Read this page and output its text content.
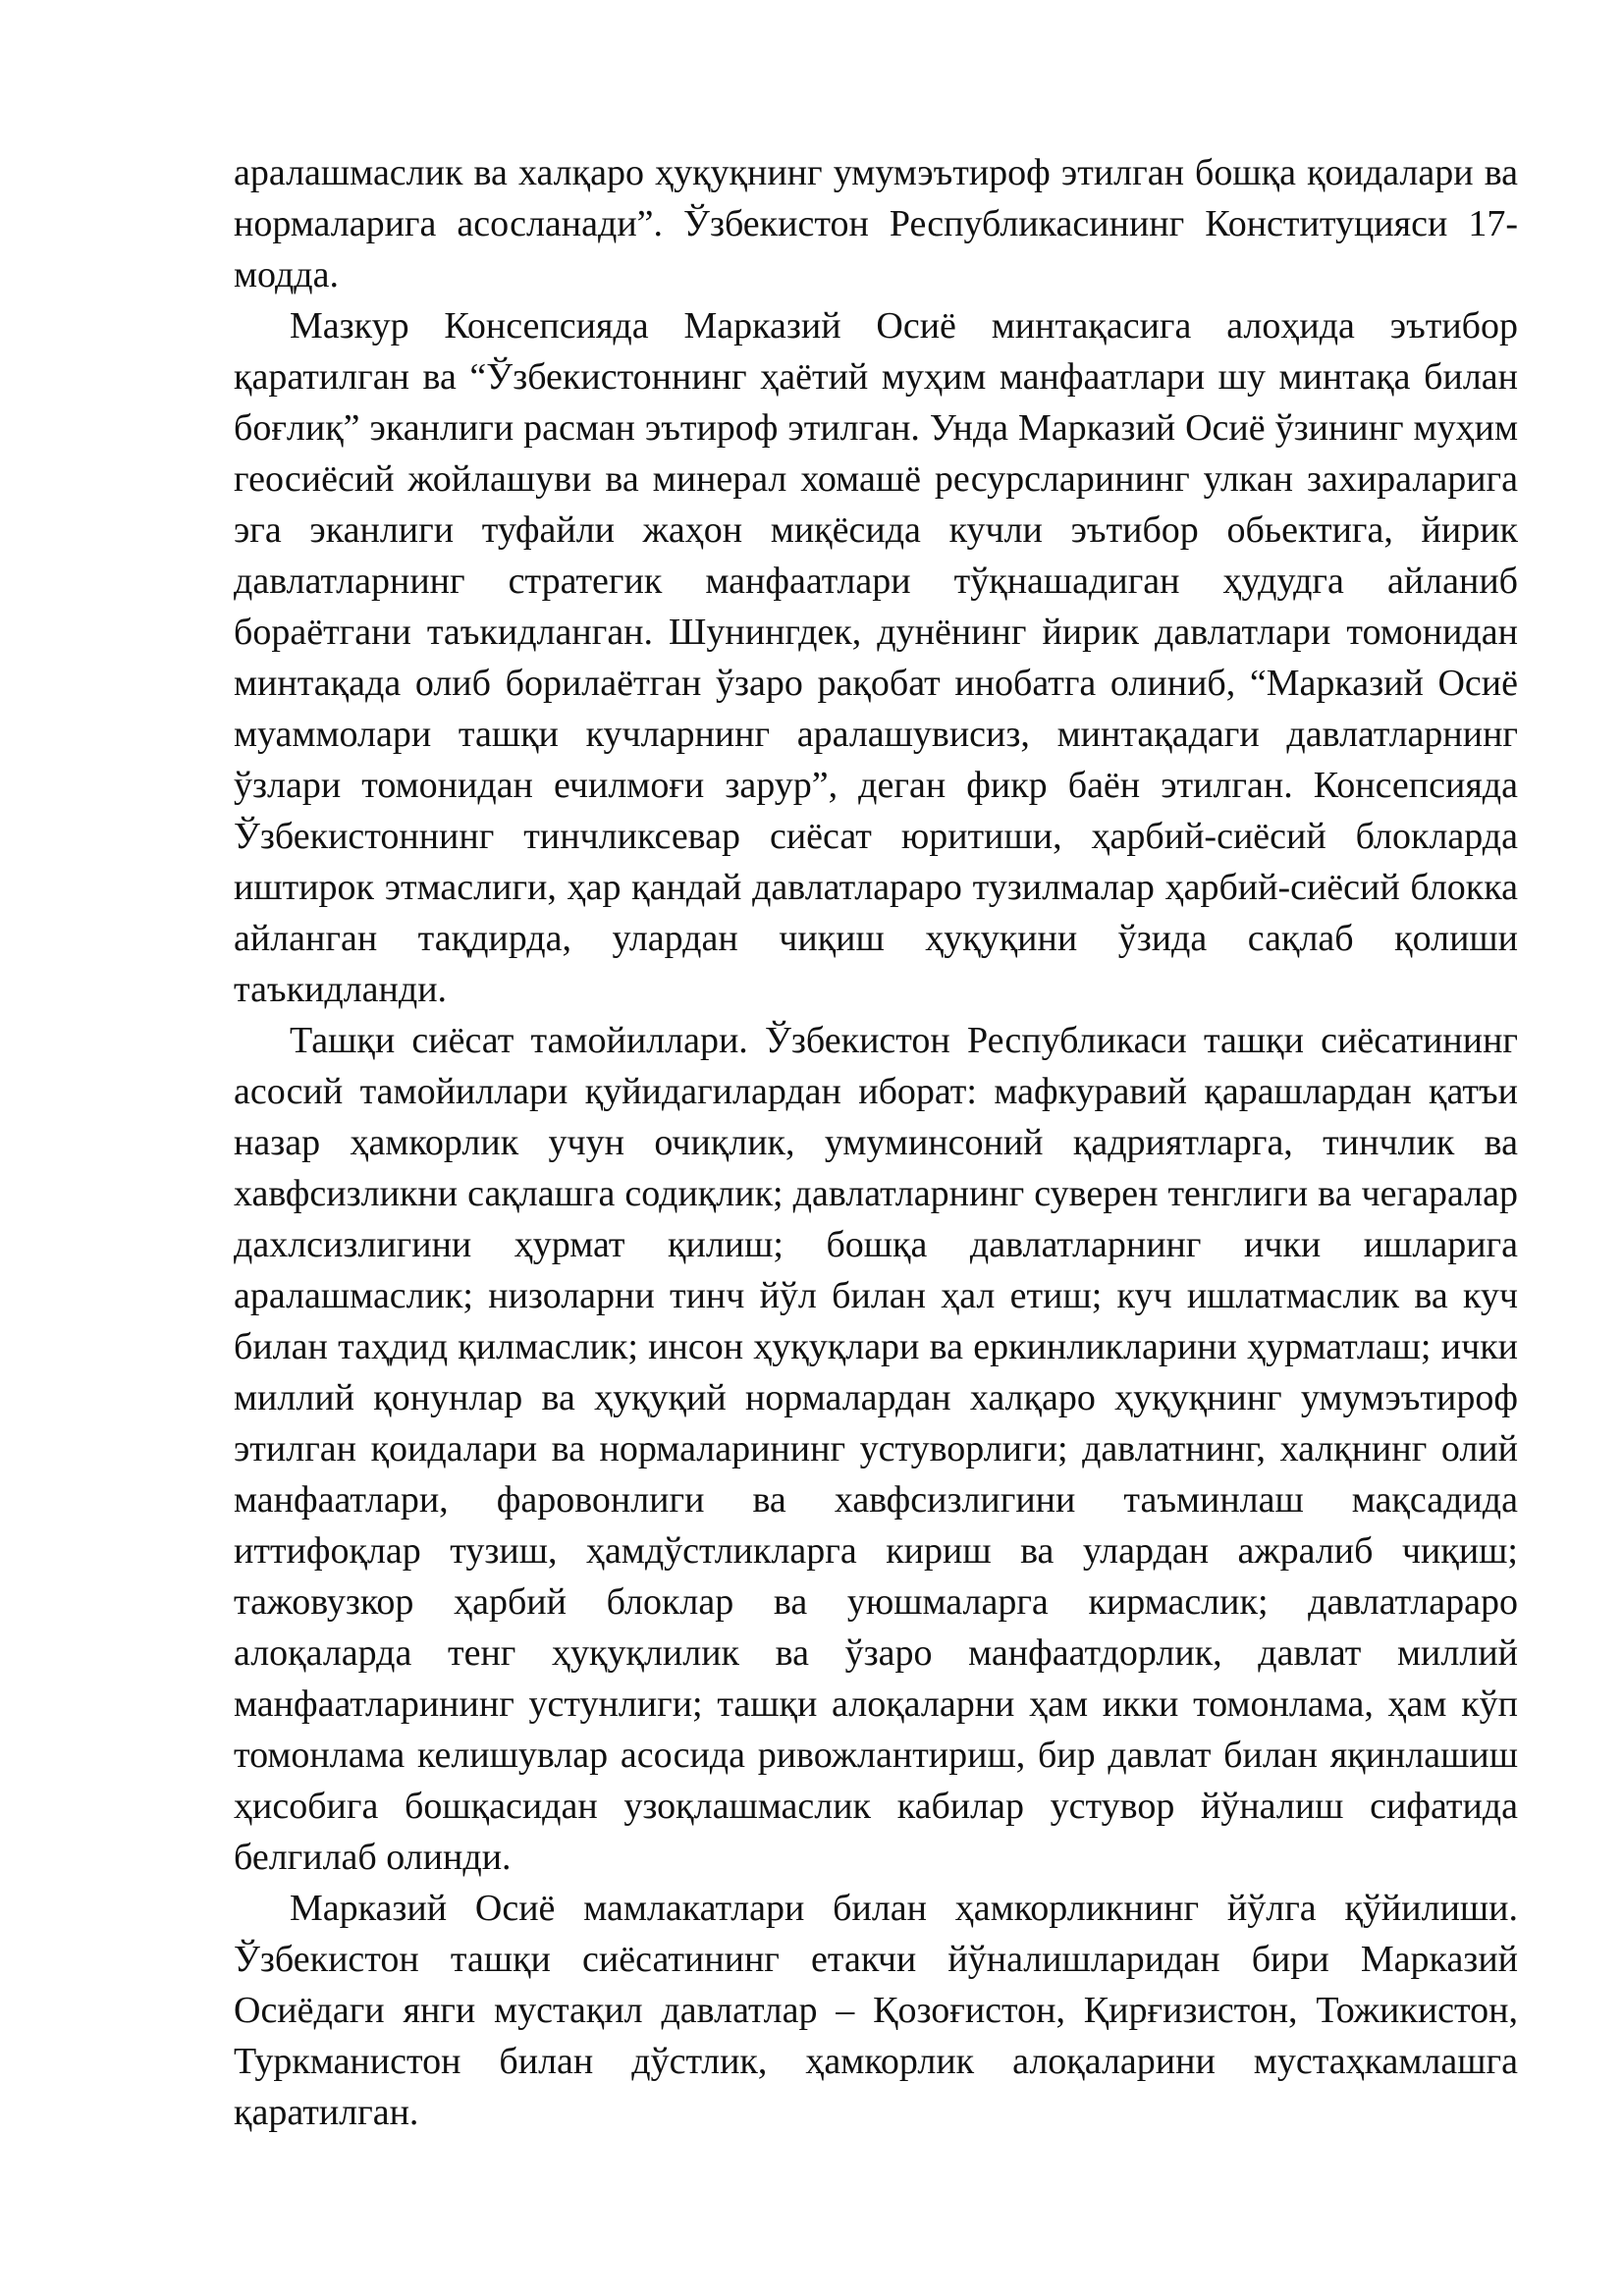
аралашмаслик ва халқаро ҳуқуқнинг умумэътироф этилган бошқа қоидалари ва нормаларига асосланади”. Ўзбекистон Республикасининг Конституцияси 17-модда.

Мазкур Консепсияда Марказий Осиё минтақасига алоҳида эътибор қаратилган ва “Ўзбекистоннинг ҳаётий муҳим манфаатлари шу минтақа билан боғлиқ” эканлиги расман эътироф этилган. Унда Марказий Осиё ўзининг муҳим геосиёсий жойлашуви ва минерал хомашё ресурсларининг улкан захираларига эга эканлиги туфайли жаҳон миқёсида кучли эътибор обьектига, йирик давлатларнинг стратегик манфаатлари тўқнашадиган ҳудудга айланиб бораётгани таъкидланган. Шунингдек, дунёнинг йирик давлатлари томонидан минтақада олиб борилаётган ўзаро рақобат инобатга олиниб, “Марказий Осиё муаммолари ташқи кучларнинг аралашувисиз, минтақадаги давлатларнинг ўзлари томонидан ечилмоғи зарур”, деган фикр баён этилган. Консепсияда Ўзбекистоннинг тинчликсевар сиёсат юритиши, ҳарбий-сиёсий блокларда иштирок этмаслиги, ҳар қандай давлатлараро тузилмалар ҳарбий-сиёсий блокка айланган тақдирда, улардан чиқиш ҳуқуқини ўзида сақлаб қолиши таъкидланди.

Ташқи сиёсат тамойиллари. Ўзбекистон Республикаси ташқи сиёсатининг асосий тамойиллари қуйидагилардан иборат: мафкуравий қарашлардан қатъи назар ҳамкорлик учун очиқлик, умуминсоний қадриятларга, тинчлик ва хавфсизликни сақлашга содиқлик; давлатларнинг суверен тенглиги ва чегаралар дахлсизлигини ҳурмат қилиш; бошқа давлатларнинг ички ишларига аралашмаслик; низоларни тинч йўл билан ҳал етиш; куч ишлатмаслик ва куч билан таҳдид қилмаслик; инсон ҳуқуқлари ва еркинликларини ҳурматлаш; ички миллий қонунлар ва ҳуқуқий нормалардан халқаро ҳуқуқнинг умумэътироф этилган қоидалари ва нормаларининг устуворлиги; давлатнинг, халқнинг олий манфаатлари, фаровонлиги ва хавфсизлигини таъминлаш мақсадида иттифоқлар тузиш, ҳамдўстликларга кириш ва улардан ажралиб чиқиш; тажовузкор ҳарбий блоклар ва уюшмаларга кирмаслик; давлатлараро алоқаларда тенг ҳуқуқлилик ва ўзаро манфаатдорлик, давлат миллий манфаатларининг устунлиги; ташқи алоқаларни ҳам икки томонлама, ҳам кўп томонлама келишувлар асосида ривожлантириш, бир давлат билан яқинлашиш ҳисобига бошқасидан узоқлашмаслик кабилар устувор йўналиш сифатида белгилаб олинди.

Марказий Осиё мамлакатлари билан ҳамкорликнинг йўлга қўйилиши. Ўзбекистон ташқи сиёсатининг етакчи йўналишларидан бири Марказий Осиёдаги янги мустақил давлатлар – Қозоғистон, Қирғизистон, Тожикистон, Туркманистон билан дўстлик, ҳамкорлик алоқаларини мустаҳкамлашга қаратилган.
